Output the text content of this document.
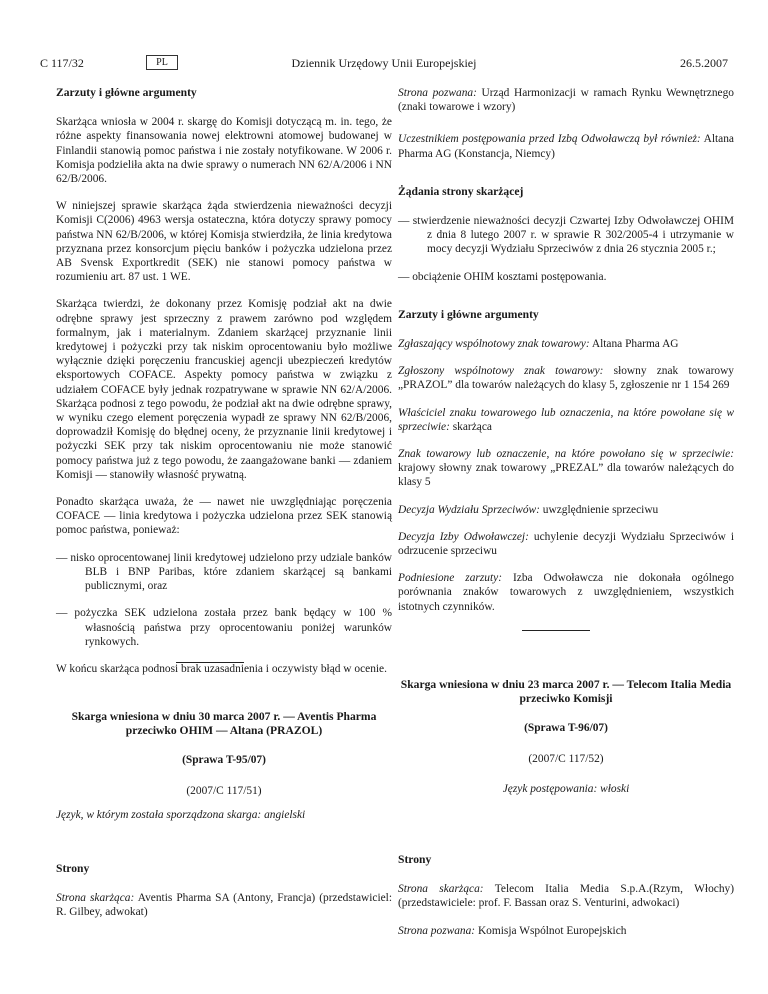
C 117/32	PL	Dziennik Urzędowy Unii Europejskiej	26.5.2007
Zarzuty i główne argumenty

Skarżąca wniosła w 2004 r. skargę do Komisji dotyczącą m. in. tego, że różne aspekty finansowania nowej elektrowni atomowej budowanej w Finlandii stanowią pomoc państwa i nie zostały notyfikowane. W 2006 r. Komisja podzieliła akta na dwie sprawy o numerach NN 62/A/2006 i NN 62/B/2006.

W niniejszej sprawie skarżąca żąda stwierdzenia nieważności decyzji Komisji C(2006) 4963 wersja ostateczna, która dotyczy sprawy pomocy państwa NN 62/B/2006, w której Komisja stwierdziła, że linia kredytowa przyznana przez konsorcjum pięciu banków i pożyczka udzielona przez AB Svensk Exportkredit (SEK) nie stanowi pomocy państwa w rozumieniu art. 87 ust. 1 WE.

Skarżąca twierdzi, że dokonany przez Komisję podział akt na dwie odrębne sprawy jest sprzeczny z prawem zarówno pod względem formalnym, jak i materialnym. Zdaniem skarżącej przyznanie linii kredytowej i pożyczki przy tak niskim oprocentowaniu było możliwe wyłącznie dzięki poręczeniu francuskiej agencji ubezpieczeń kredytów eksportowych COFACE. Aspekty pomocy państwa w związku z udziałem COFACE były jednak rozpatrywane w sprawie NN 62/A/2006. Skarżąca podnosi z tego powodu, że podział akt na dwie odrębne sprawy, w wyniku czego element poręczenia wypadł ze sprawy NN 62/B/2006, doprowadził Komisję do błędnej oceny, że przyznanie linii kredytowej i pożyczki SEK przy tak niskim oprocentowaniu nie może stanowić pomocy państwa już z tego powodu, że zaangażowane banki — zdaniem Komisji — stanowiły własność prywatną.

Ponadto skarżąca uważa, że — nawet nie uwzględniając poręczenia COFACE — linia kredytowa i pożyczka udzielona przez SEK stanowią pomoc państwa, ponieważ:

— nisko oprocentowanej linii kredytowej udzielono przy udziale banków BLB i BNP Paribas, które zdaniem skarżącej są bankami publicznymi, oraz
— pożyczka SEK udzielona została przez bank będący w 100 % własnością państwa przy oprocentowaniu poniżej warunków rynkowych.

W końcu skarżąca podnosi brak uzasadnienia i oczywisty błąd w ocenie.

Skarga wniesiona w dniu 30 marca 2007 r. — Aventis Pharma przeciwko OHIM — Altana (PRAZOL)
(Sprawa T-95/07)
(2007/C 117/51)
Język, w którym została sporządzona skarga: angielski
Strony

Strona skarżąca: Aventis Pharma SA (Antony, Francja) (przedstawiciel: R. Gilbey, adwokat)

Strona pozwana: Urząd Harmonizacji w ramach Rynku Wewnętrznego (znaki towarowe i wzory)

Uczestnikiem postępowania przed Izbą Odwoławczą był również: Altana Pharma AG (Konstancja, Niemcy)

Żądania strony skarżącej
— stwierdzenie nieważności decyzji Czwartej Izby Odwoławczej OHIM z dnia 8 lutego 2007 r. w sprawie R 302/2005-4 i utrzymanie w mocy decyzji Wydziału Sprzeciwów z dnia 26 stycznia 2005 r.;
— obciążenie OHIM kosztami postępowania.
Zarzuty i główne argumenty

Zgłaszający wspólnotowy znak towarowy: Altana Pharma AG

Zgłoszony wspólnotowy znak towarowy: słowny znak towarowy „PRAZOL” dla towarów należących do klasy 5, zgłoszenie nr 1 154 269

Właściciel znaku towarowego lub oznaczenia, na które powołane się w sprzeciwie: skarżąca

Znak towarowy lub oznaczenie, na które powołano się w sprzeciwie: krajowy słowny znak towarowy „PREZAL” dla towarów należących do klasy 5

Decyzja Wydziału Sprzeciwów: uwzględnienie sprzeciwu

Decyzja Izby Odwoławczej: uchylenie decyzji Wydziału Sprzeciwów i odrzucenie sprzeciwu

Podniesione zarzuty: Izba Odwoławcza nie dokonała ogólnego porównania znaków towarowych z uwzględnieniem, wszystkich istotnych czynników.

Skarga wniesiona w dniu 23 marca 2007 r. — Telecom Italia Media przeciwko Komisji
(Sprawa T-96/07)
(2007/C 117/52)
Język postępowania: włoski
Strony

Strona skarżąca: Telecom Italia Media S.p.A.(Rzym, Włochy) (przedstawiciele: prof. F. Bassan oraz S. Venturini, adwokaci)

Strona pozwana: Komisja Wspólnot Europejskich
